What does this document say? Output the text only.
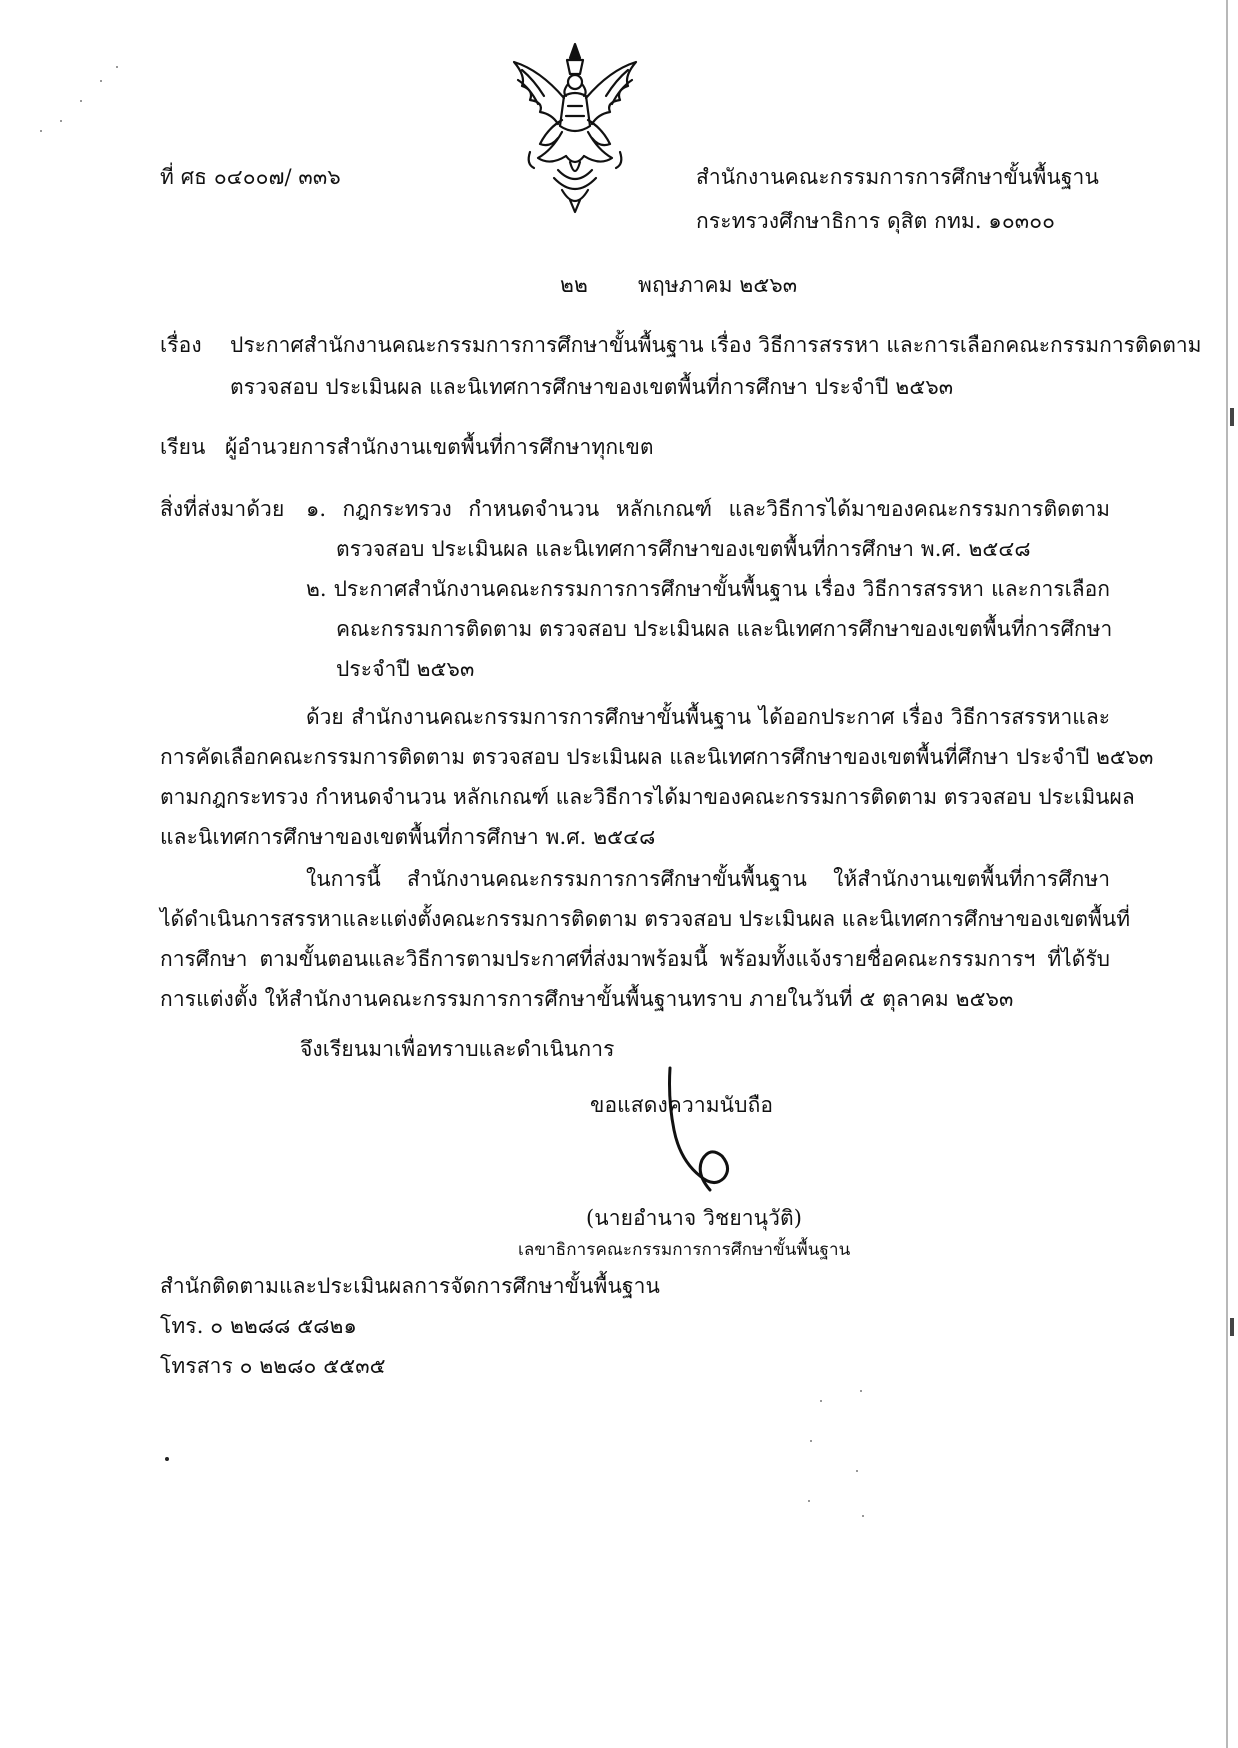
ที่ ศธ ๐๔๐๐๗/ ๓๓๖	สำนักงานคณะกรรมการการศึกษาขั้นพื้นฐาน
กระทรวงศึกษาธิการ ดุสิต กทม. ๑๐๓๐๐
๒๒ พฤษภาคม ๒๕๖๓
เรื่อง ประกาศสำนักงานคณะกรรมการการศึกษาขั้นพื้นฐาน เรื่อง วิธีการสรรหา และการเลือกคณะกรรมการติดตาม
ตรวจสอบ ประเมินผล และนิเทศการศึกษาของเขตพื้นที่การศึกษา ประจำปี ๒๕๖๓
เรียน ผู้อำนวยการสำนักงานเขตพื้นที่การศึกษาทุกเขต
สิ่งที่ส่งมาด้วย ๑. กฎกระทรวง กำหนดจำนวน หลักเกณฑ์ และวิธีการได้มาของคณะกรรมการติดตาม
ตรวจสอบ ประเมินผล และนิเทศการศึกษาของเขตพื้นที่การศึกษา พ.ศ. ๒๕๔๘
๒. ประกาศสำนักงานคณะกรรมการการศึกษาขั้นพื้นฐาน เรื่อง วิธีการสรรหา และการเลือก
คณะกรรมการติดตาม ตรวจสอบ ประเมินผล และนิเทศการศึกษาของเขตพื้นที่การศึกษา
ประจำปี ๒๕๖๓
ด้วย สำนักงานคณะกรรมการการศึกษาขั้นพื้นฐาน ได้ออกประกาศ เรื่อง วิธีการสรรหาและ
การคัดเลือกคณะกรรมการติดตาม ตรวจสอบ ประเมินผล และนิเทศการศึกษาของเขตพื้นที่ศึกษา ประจำปี ๒๕๖๓
ตามกฎกระทรวง กำหนดจำนวน หลักเกณฑ์ และวิธีการได้มาของคณะกรรมการติดตาม ตรวจสอบ ประเมินผล
และนิเทศการศึกษาของเขตพื้นที่การศึกษา พ.ศ. ๒๕๔๘
ในการนี้ สำนักงานคณะกรรมการการศึกษาขั้นพื้นฐาน ให้สำนักงานเขตพื้นที่การศึกษา
ได้ดำเนินการสรรหาและแต่งตั้งคณะกรรมการติดตาม ตรวจสอบ ประเมินผล และนิเทศการศึกษาของเขตพื้นที่
การศึกษา ตามขั้นตอนและวิธีการตามประกาศที่ส่งมาพร้อมนี้ พร้อมทั้งแจ้งรายชื่อคณะกรรมการฯ ที่ได้รับ
การแต่งตั้ง ให้สำนักงานคณะกรรมการการศึกษาขั้นพื้นฐานทราบ ภายในวันที่ ๕ ตุลาคม ๒๕๖๓
จึงเรียนมาเพื่อทราบและดำเนินการ
ขอแสดงความนับถือ
(นายอำนาจ วิชยานุวัติ)
เลขาธิการคณะกรรมการการศึกษาขั้นพื้นฐาน
สำนักติดตามและประเมินผลการจัดการศึกษาขั้นพื้นฐาน
โทร. ๐ ๒๒๘๘ ๕๘๒๑
โทรสาร ๐ ๒๒๘๐ ๕๕๓๕
